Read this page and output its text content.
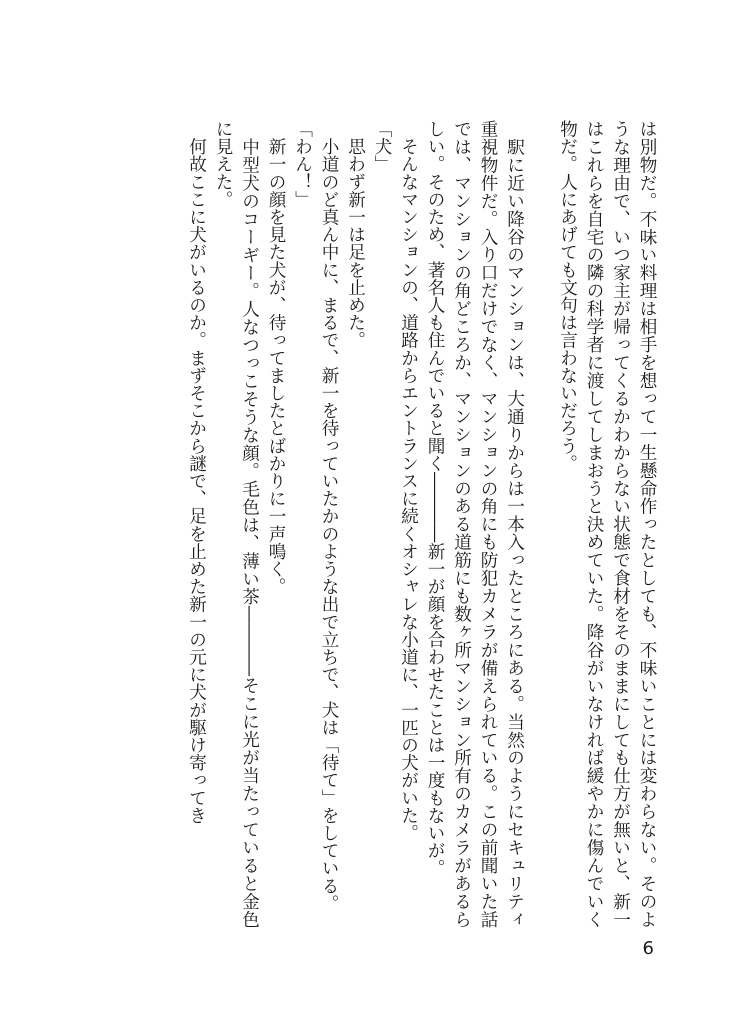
は別物だ。不味い料理は相手を想って一生懸命作ったとしても、不味いことには変わらない。そのような理由で、いつ家主が帰ってくるかわからない状態で食材をそのままにしても仕方が無いと、新一はこれらを自宅の隣の科学者に渡してしまおうと決めていた。降谷がいなければ緩やかに傷んでいく物だ。人にあげても文句は言わないだろう。

　駅に近い降谷のマンションは、大通りからは一本入ったところにある。当然のようにセキュリティ重視物件だ。入り口だけでなく、マンションの角にも防犯カメラが備えられている。この前聞いた話では、マンションの角どころか、マンションのある道筋にも数ヶ所マンション所有のカメラがあるらしい。そのため、著名人も住んでいると聞く――――新一が顔を合わせたことは一度もないが。

　そんなマンションの、道路からエントランスに続くオシャレな小道に、一匹の犬がいた。

「犬」

　思わず新一は足を止めた。

　小道のど真ん中に、まるで、新一を待っていたかのような出で立ちで、犬は「待て」をしている。

「わん！」

　新一の顔を見た犬が、待ってましたとばかりに一声鳴く。

　中型犬のコーギー。人なつっこそうな顔。毛色は、薄い茶――――そこに光が当たっていると金色に見えた。

　何故ここに犬がいるのか。まずそこから謎で、足を止めた新一の元に犬が駆け寄ってき

6
